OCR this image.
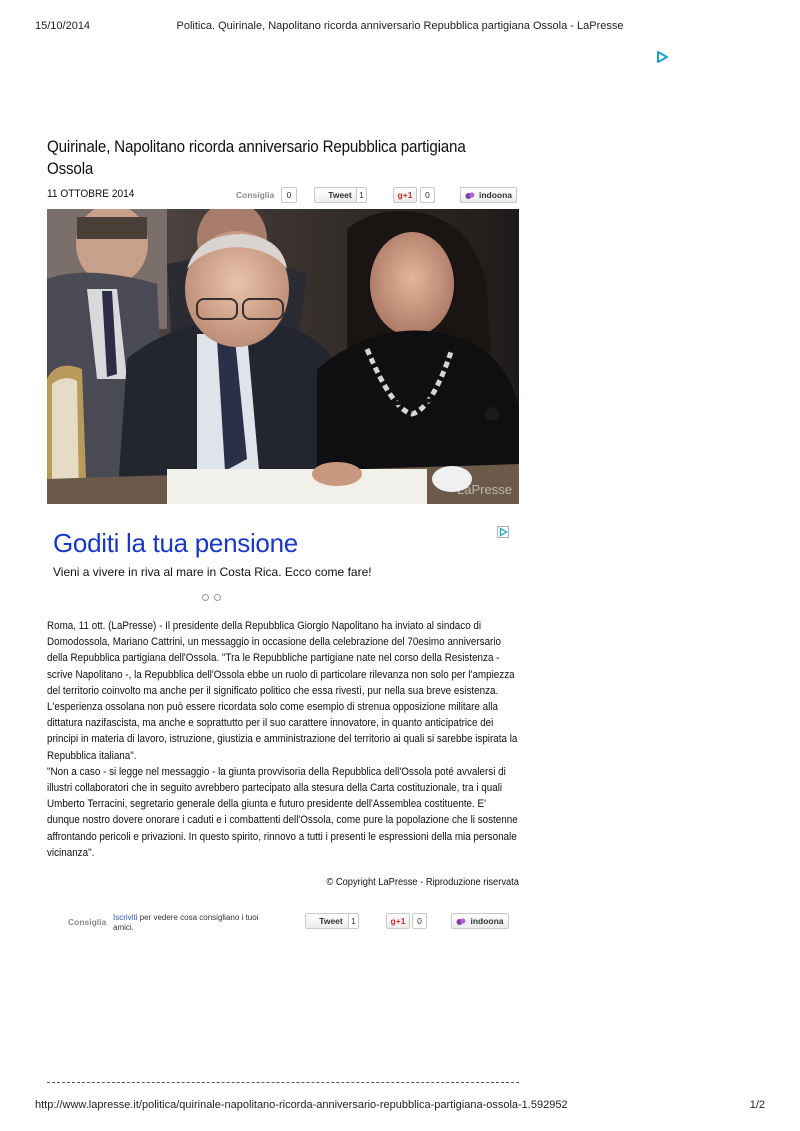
15/10/2014	Politica. Quirinale, Napolitano ricorda anniversario Repubblica partigiana Ossola - LaPresse
Quirinale, Napolitano ricorda anniversario Repubblica partigiana Ossola
11 OTTOBRE 2014	Consiglia	0	Tweet 1	g+1	0	indoona
LaPresse
Goditi la tua pensione
Vieni a vivere in riva al mare in Costa Rica. Ecco come fare!

Roma, 11 ott. (LaPresse) - Il presidente della Repubblica Giorgio Napolitano ha inviato al sindaco di Domodossola, Mariano Cattrini, un messaggio in occasione della celebrazione del 70esimo anniversario della Repubblica partigiana dell'Ossola. "Tra le Repubbliche partigiane nate nel corso della Resistenza - scrive Napolitano -, la Repubblica dell'Ossola ebbe un ruolo di particolare rilevanza non solo per l'ampiezza del territorio coinvolto ma anche per il significato politico che essa rivestì, pur nella sua breve esistenza. L'esperienza ossolana non può essere ricordata solo come esempio di strenua opposizione militare alla dittatura nazifascista, ma anche e soprattutto per il suo carattere innovatore, in quanto anticipatrice dei principi in materia di lavoro, istruzione, giustizia e amministrazione del territorio ai quali si sarebbe ispirata la Repubblica italiana".

"Non a caso - si legge nel messaggio - la giunta provvisoria della Repubblica dell'Ossola poté avvalersi di illustri collaboratori che in seguito avrebbero partecipato alla stesura della Carta costituzionale, tra i quali Umberto Terracini, segretario generale della giunta e futuro presidente dell'Assemblea costituente. E' dunque nostro dovere onorare i caduti e i combattenti dell'Ossola, come pure la popolazione che li sostenne affrontando pericoli e privazioni. In questo spirito, rinnovo a tutti i presenti le espressioni della mia personale vicinanza".

© Copyright LaPresse - Riproduzione riservata
Consiglia Iscriviti per vedere cosa consigliano i tuoi amici.
Tweet 1	g+1	0	indoona
http://www.lapresse.it/politica/quirinale-napolitano-ricorda-anniversario-repubblica-partigiana-ossola-1.592952	1/2
